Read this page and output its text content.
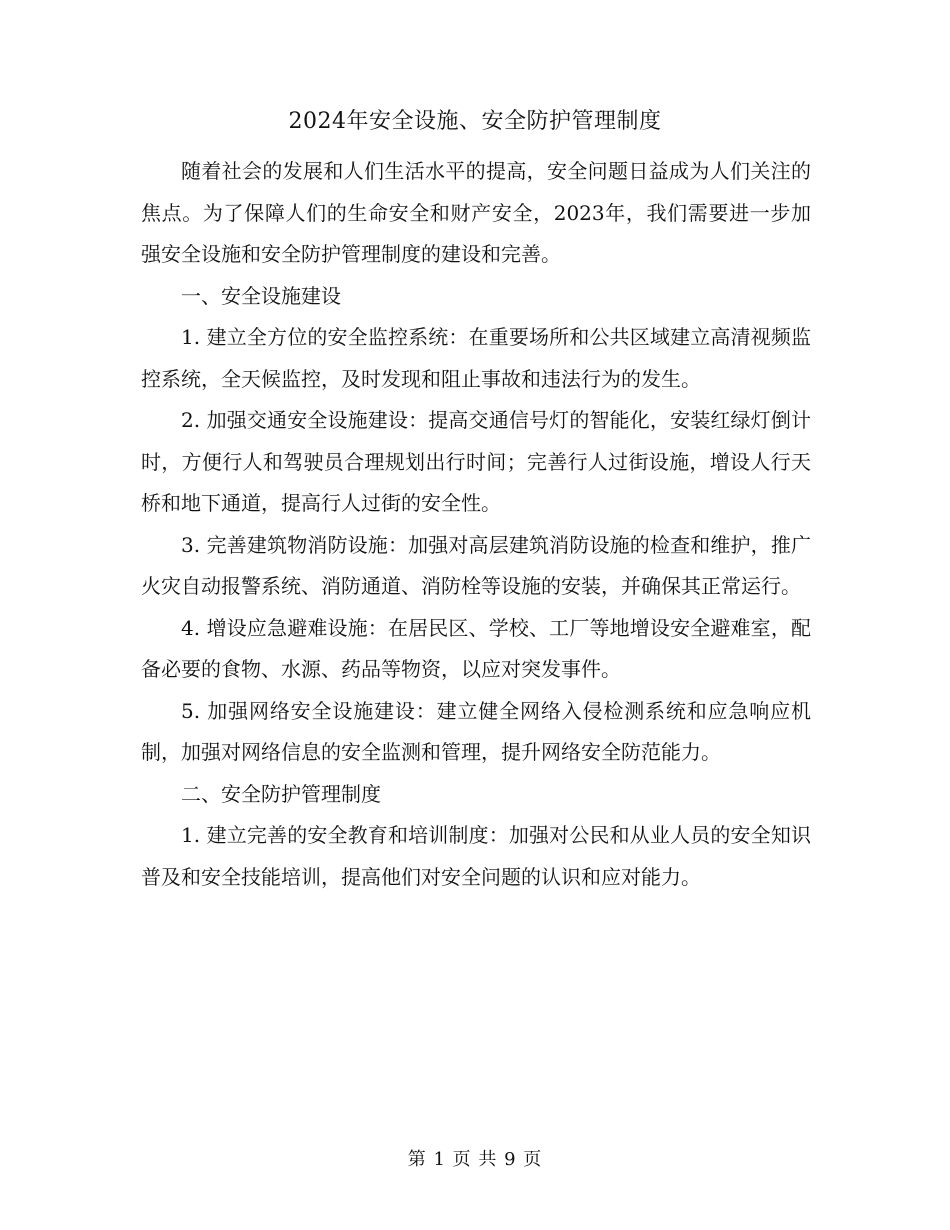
2024年安全设施、安全防护管理制度

随着社会的发展和人们生活水平的提高，安全问题日益成为人们关注的焦点。为了保障人们的生命安全和财产安全，2023年，我们需要进一步加强安全设施和安全防护管理制度的建设和完善。

一、安全设施建设

1. 建立全方位的安全监控系统：在重要场所和公共区域建立高清视频监控系统，全天候监控，及时发现和阻止事故和违法行为的发生。

2. 加强交通安全设施建设：提高交通信号灯的智能化，安装红绿灯倒计时，方便行人和驾驶员合理规划出行时间；完善行人过街设施，增设人行天桥和地下通道，提高行人过街的安全性。

3. 完善建筑物消防设施：加强对高层建筑消防设施的检查和维护，推广火灾自动报警系统、消防通道、消防栓等设施的安装，并确保其正常运行。

4. 增设应急避难设施：在居民区、学校、工厂等地增设安全避难室，配备必要的食物、水源、药品等物资，以应对突发事件。

5. 加强网络安全设施建设：建立健全网络入侵检测系统和应急响应机制，加强对网络信息的安全监测和管理，提升网络安全防范能力。

二、安全防护管理制度

1. 建立完善的安全教育和培训制度：加强对公民和从业人员的安全知识普及和安全技能培训，提高他们对安全问题的认识和应对能力。

第 1 页 共 9 页
